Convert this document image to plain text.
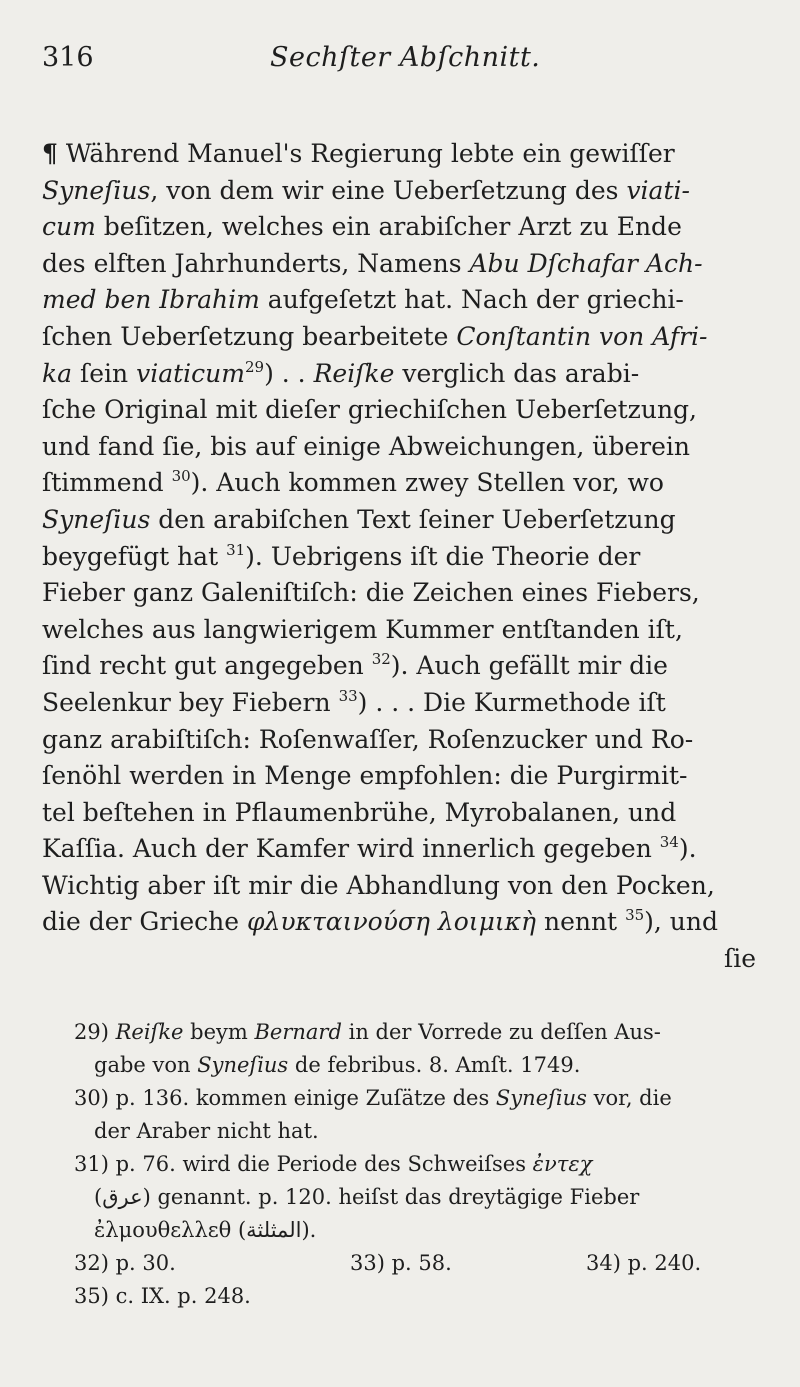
316	Sechſter Abſchnitt.
¶ Während Manuel's Regierung lebte ein gewiſſer
Syneſius, von dem wir eine Ueberſetzung des viati-
cum beſitzen, welches ein arabiſcher Arzt zu Ende
des elften Jahrhunderts, Namens Abu Dſchafar Ach-
med ben Ibrahim aufgeſetzt hat. Nach der griechi-
ſchen Ueberſetzung bearbeitete Conſtantin von Afri-
ka ſein viaticum$^{29}$) . . Reiſke verglich das arabi-
ſche Original mit dieſer griechiſchen Ueberſetzung,
und fand ſie, bis auf einige Abweichungen, überein
ſtimmend $^{30}$). Auch kommen zwey Stellen vor, wo
Syneſius den arabiſchen Text ſeiner Ueberſetzung
beygefügt hat $^{31}$). Uebrigens iſt die Theorie der
Fieber ganz Galeniſtiſch: die Zeichen eines Fiebers,
welches aus langwierigem Kummer entſtanden iſt,
ſind recht gut angegeben $^{32}$). Auch gefällt mir die
Seelenkur bey Fiebern $^{33}$) . . . Die Kurmethode iſt
ganz arabiſtiſch: Roſenwaſſer, Roſenzucker und Ro-
ſenöhl werden in Menge empfohlen: die Purgirmit-
tel beſtehen in Pflaumenbrühe, Myrobalanen, und
Kaſſia. Auch der Kamfer wird innerlich gegeben $^{34}$).
Wichtig aber iſt mir die Abhandlung von den Pocken,
die der Grieche φλυκταινούση λοιμικὴ nennt $^{35}$), und
ſie
29) Reiſke beym Bernard in der Vorrede zu deſſen Aus-
gabe von Syneſius de febribus. 8. Amſt. 1749.
30) p. 136. kommen einige Zuſätze des Syneſius vor, die
der Araber nicht hat.
31) p. 76. wird die Periode des Schweiſses ἐντεχ
(عرق) genannt. p. 120. heiſst das dreytägige Fieber
ἐλμουθελλεθ (المثلثة).
32) p. 30.	33) p. 58.	34) p. 240.
35) c. IX. p. 248.
